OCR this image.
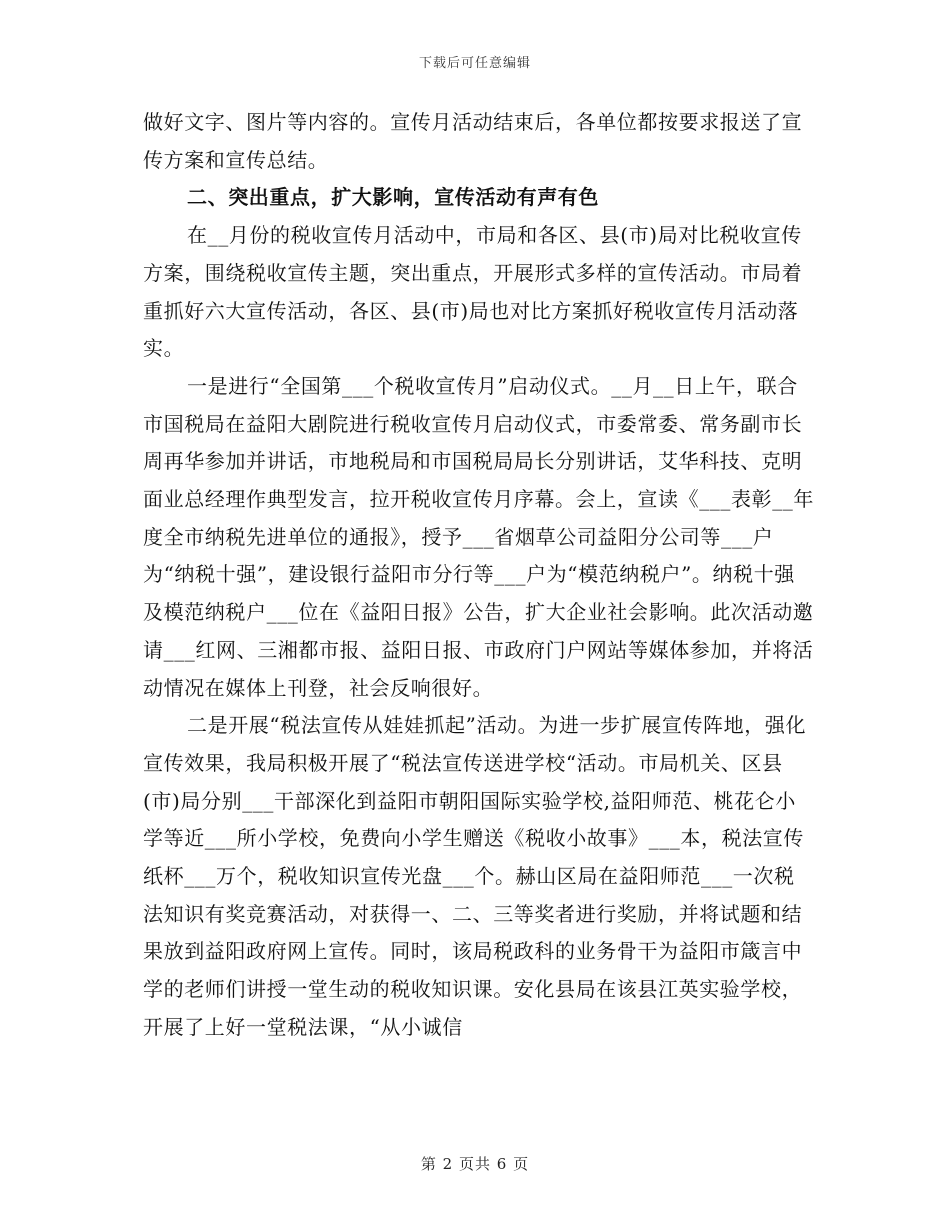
下载后可任意编辑

做好文字、图片等内容的。宣传月活动结束后，各单位都按要求报送了宣传方案和宣传总结。

二、突出重点，扩大影响，宣传活动有声有色

在__月份的税收宣传月活动中，市局和各区、县(市)局对比税收宣传方案，围绕税收宣传主题，突出重点，开展形式多样的宣传活动。市局着重抓好六大宣传活动，各区、县(市)局也对比方案抓好税收宣传月活动落实。

一是进行“全国第___个税收宣传月”启动仪式。__月__日上午，联合市国税局在益阳大剧院进行税收宣传月启动仪式，市委常委、常务副市长周再华参加并讲话，市地税局和市国税局局长分别讲话，艾华科技、克明面业总经理作典型发言，拉开税收宣传月序幕。会上，宣读《___表彰__年度全市纳税先进单位的通报》，授予___省烟草公司益阳分公司等___户为“纳税十强”，建设银行益阳市分行等___户为“模范纳税户”。纳税十强及模范纳税户___位在《益阳日报》公告，扩大企业社会影响。此次活动邀请___红网、三湘都市报、益阳日报、市政府门户网站等媒体参加，并将活动情况在媒体上刊登，社会反响很好。

二是开展“税法宣传从娃娃抓起”活动。为进一步扩展宣传阵地，强化宣传效果，我局积极开展了“税法宣传送进学校“活动。市局机关、区县(市)局分别___干部深化到益阳市朝阳国际实验学校,益阳师范、桃花仑小学等近___所小学校，免费向小学生赠送《税收小故事》___本，税法宣传纸杯___万个，税收知识宣传光盘___个。赫山区局在益阳师范___一次税法知识有奖竞赛活动，对获得一、二、三等奖者进行奖励，并将试题和结果放到益阳政府网上宣传。同时，该局税政科的业务骨干为益阳市箴言中学的老师们讲授一堂生动的税收知识课。安化县局在该县江英实验学校，开展了上好一堂税法课，“从小诚信

第 2 页共 6 页
